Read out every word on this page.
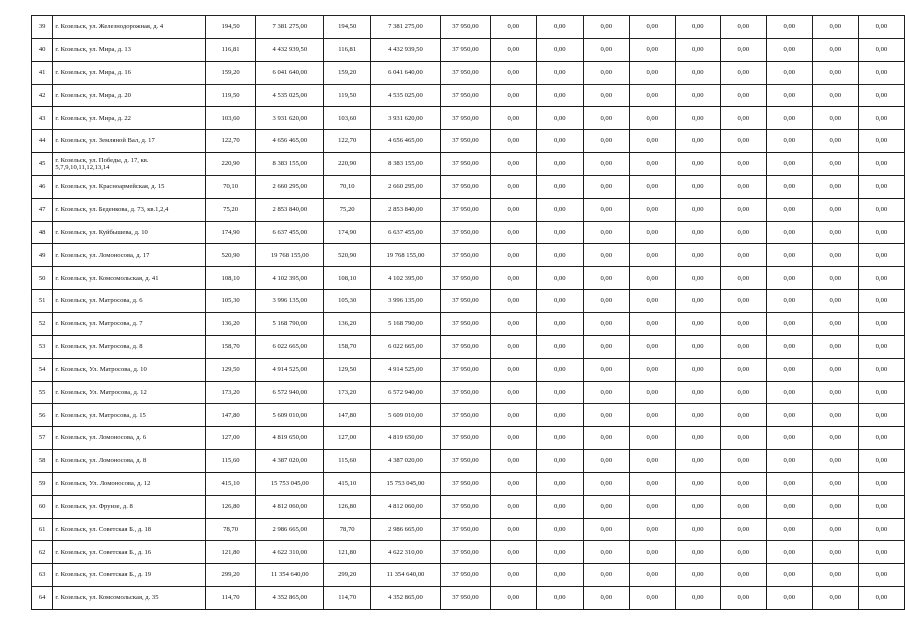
39	г. Козельск, ул. Железнодорожная, д. 4	194,50	7 381 275,00	194,50	7 381 275,00	37 950,00	0,00	0,00	0,00	0,00	0,00	0,00	0,00	0,00	0,00
40	г. Козельск, ул. Мира, д. 13	116,81	4 432 939,50	116,81	4 432 939,50	37 950,00	0,00	0,00	0,00	0,00	0,00	0,00	0,00	0,00	0,00
41	г. Козельск, ул. Мира, д. 16	159,20	6 041 640,00	159,20	6 041 640,00	37 950,00	0,00	0,00	0,00	0,00	0,00	0,00	0,00	0,00	0,00
42	г. Козельск, ул. Мира, д. 20	119,50	4 535 025,00	119,50	4 535 025,00	37 950,00	0,00	0,00	0,00	0,00	0,00	0,00	0,00	0,00	0,00
43	г. Козельск, ул. Мира, д. 22	103,60	3 931 620,00	103,60	3 931 620,00	37 950,00	0,00	0,00	0,00	0,00	0,00	0,00	0,00	0,00	0,00
44	г. Козельск, ул. Земляной Вал, д. 17	122,70	4 656 465,00	122,70	4 656 465,00	37 950,00	0,00	0,00	0,00	0,00	0,00	0,00	0,00	0,00	0,00
45	г. Козельск, ул. Победы, д. 17, кв. 5,7,9,10,11,12,13,14	220,90	8 383 155,00	220,90	8 383 155,00	37 950,00	0,00	0,00	0,00	0,00	0,00	0,00	0,00	0,00	0,00
46	г. Козельск, ул. Красноармейская, д. 15	70,10	2 660 295,00	70,10	2 660 295,00	37 950,00	0,00	0,00	0,00	0,00	0,00	0,00	0,00	0,00	0,00
47	г. Козельск, ул. Беденкова, д. 73, кв.1,2,4	75,20	2 853 840,00	75,20	2 853 840,00	37 950,00	0,00	0,00	0,00	0,00	0,00	0,00	0,00	0,00	0,00
48	г. Козельск, ул. Куйбышева, д. 10	174,90	6 637 455,00	174,90	6 637 455,00	37 950,00	0,00	0,00	0,00	0,00	0,00	0,00	0,00	0,00	0,00
49	г. Козельск, ул. Ломоносова, д. 17	520,90	19 768 155,00	520,90	19 768 155,00	37 950,00	0,00	0,00	0,00	0,00	0,00	0,00	0,00	0,00	0,00
50	г. Козельск, ул. Комсомольская, д. 41	108,10	4 102 395,00	108,10	4 102 395,00	37 950,00	0,00	0,00	0,00	0,00	0,00	0,00	0,00	0,00	0,00
51	г. Козельск, ул. Матросова, д. 6	105,30	3 996 135,00	105,30	3 996 135,00	37 950,00	0,00	0,00	0,00	0,00	0,00	0,00	0,00	0,00	0,00
52	г. Козельск, ул. Матросова, д. 7	136,20	5 168 790,00	136,20	5 168 790,00	37 950,00	0,00	0,00	0,00	0,00	0,00	0,00	0,00	0,00	0,00
53	г. Козельск, ул. Матросова, д. 8	158,70	6 022 665,00	158,70	6 022 665,00	37 950,00	0,00	0,00	0,00	0,00	0,00	0,00	0,00	0,00	0,00
54	г. Козельск, Ул. Матросова, д. 10	129,50	4 914 525,00	129,50	4 914 525,00	37 950,00	0,00	0,00	0,00	0,00	0,00	0,00	0,00	0,00	0,00
55	г. Козельск, Ул. Матросова, д. 12	173,20	6 572 940,00	173,20	6 572 940,00	37 950,00	0,00	0,00	0,00	0,00	0,00	0,00	0,00	0,00	0,00
56	г. Козельск, ул. Матросова, д. 15	147,80	5 609 010,00	147,80	5 609 010,00	37 950,00	0,00	0,00	0,00	0,00	0,00	0,00	0,00	0,00	0,00
57	г. Козельск, ул. Ломоносова, д. 6	127,00	4 819 650,00	127,00	4 819 650,00	37 950,00	0,00	0,00	0,00	0,00	0,00	0,00	0,00	0,00	0,00
58	г. Козельск, ул. Ломоносова, д. 8	115,60	4 387 020,00	115,60	4 387 020,00	37 950,00	0,00	0,00	0,00	0,00	0,00	0,00	0,00	0,00	0,00
59	г. Козельск, Ул. Ломоносова, д. 12	415,10	15 753 045,00	415,10	15 753 045,00	37 950,00	0,00	0,00	0,00	0,00	0,00	0,00	0,00	0,00	0,00
60	г. Козельск, ул. Фрунзе, д. 8	126,80	4 812 060,00	126,80	4 812 060,00	37 950,00	0,00	0,00	0,00	0,00	0,00	0,00	0,00	0,00	0,00
61	г. Козельск, ул. Советская Б., д. 18	78,70	2 986 665,00	78,70	2 986 665,00	37 950,00	0,00	0,00	0,00	0,00	0,00	0,00	0,00	0,00	0,00
62	г. Козельск, ул. Советская Б., д. 16	121,80	4 622 310,00	121,80	4 622 310,00	37 950,00	0,00	0,00	0,00	0,00	0,00	0,00	0,00	0,00	0,00
63	г. Козельск, ул. Советская Б., д. 19	299,20	11 354 640,00	299,20	11 354 640,00	37 950,00	0,00	0,00	0,00	0,00	0,00	0,00	0,00	0,00	0,00
64	г. Козельск, ул. Комсомольская, д. 35	114,70	4 352 865,00	114,70	4 352 865,00	37 950,00	0,00	0,00	0,00	0,00	0,00	0,00	0,00	0,00	0,00
